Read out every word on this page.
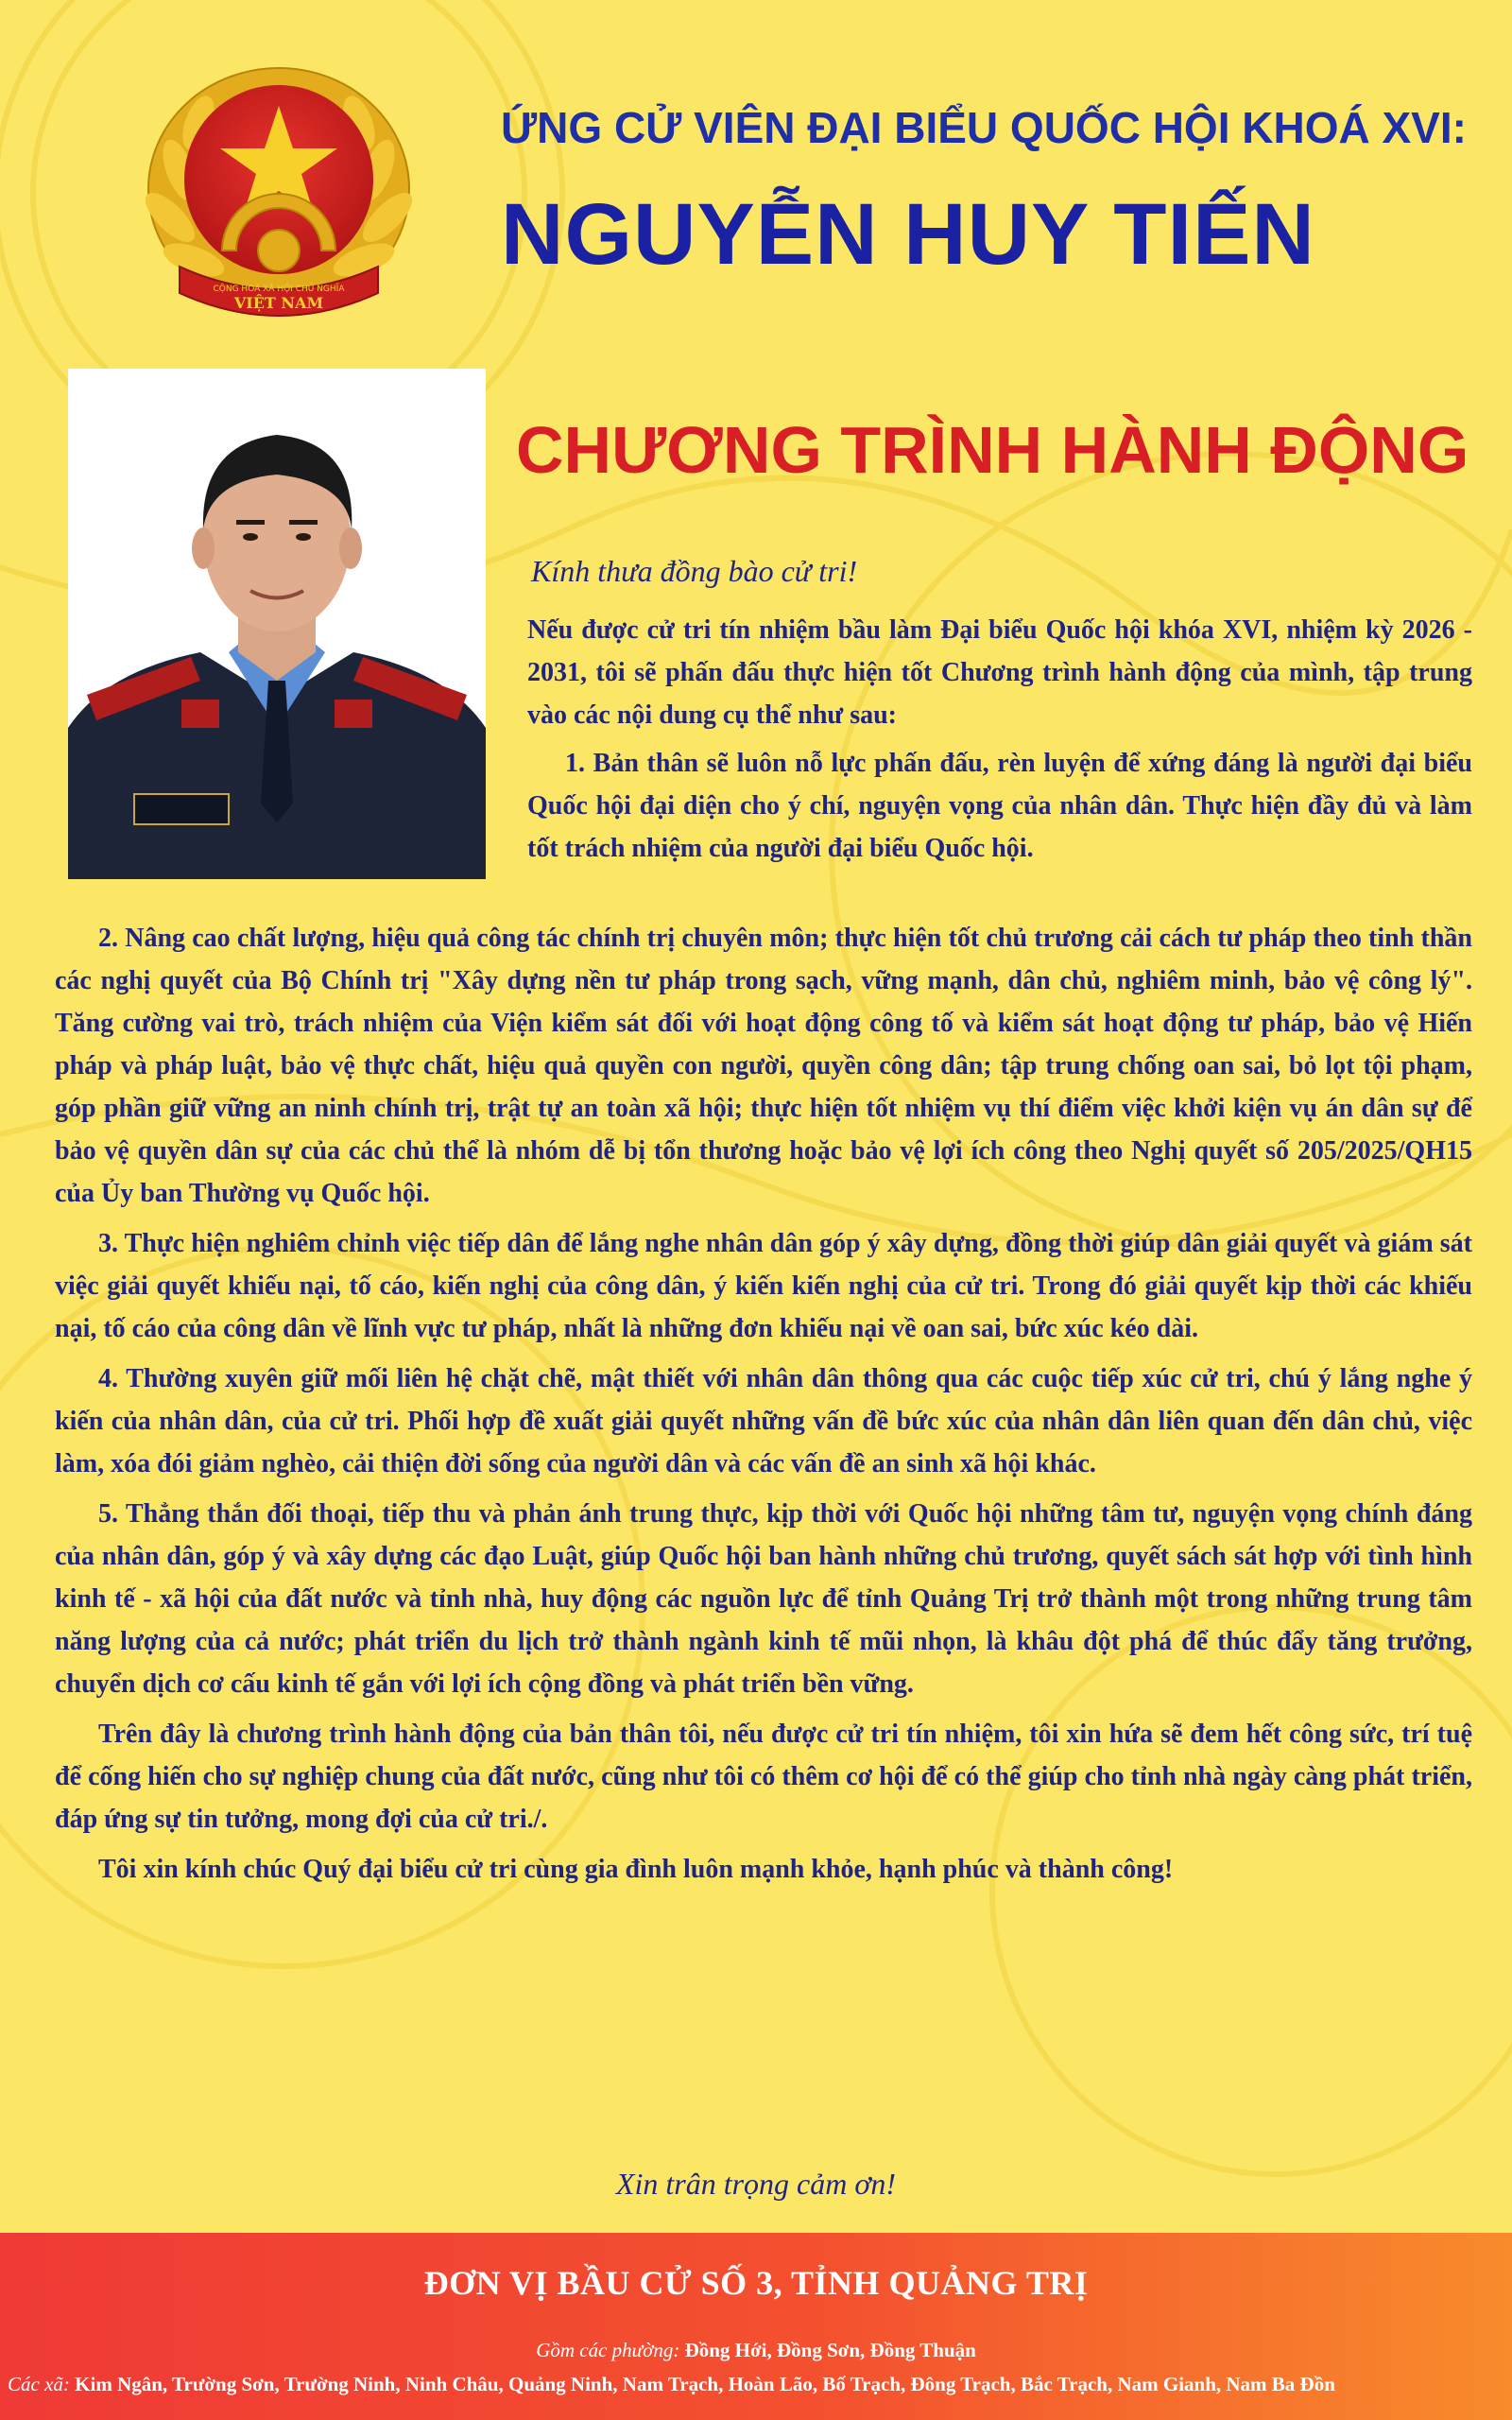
CỘNG HOÀ XÃ HỘI CHỦ NGHĨA
VIỆT NAM
ỨNG CỬ VIÊN ĐẠI BIỂU QUỐC HỘI KHOÁ XVI:
NGUYỄN HUY TIẾN
CHƯƠNG TRÌNH HÀNH ĐỘNG
Kính thưa đồng bào cử tri!

Nếu được cử tri tín nhiệm bầu làm Đại biểu Quốc hội khóa XVI, nhiệm kỳ 2026 - 2031, tôi sẽ phấn đấu thực hiện tốt Chương trình hành động của mình, tập trung vào các nội dung cụ thể như sau:

1. Bản thân sẽ luôn nỗ lực phấn đấu, rèn luyện để xứng đáng là người đại biểu Quốc hội đại diện cho ý chí, nguyện vọng của nhân dân. Thực hiện đầy đủ và làm tốt trách nhiệm của người đại biểu Quốc hội.

2. Nâng cao chất lượng, hiệu quả công tác chính trị chuyên môn; thực hiện tốt chủ trương cải cách tư pháp theo tinh thần các nghị quyết của Bộ Chính trị "Xây dựng nền tư pháp trong sạch, vững mạnh, dân chủ, nghiêm minh, bảo vệ công lý". Tăng cường vai trò, trách nhiệm của Viện kiểm sát đối với hoạt động công tố và kiểm sát hoạt động tư pháp, bảo vệ Hiến pháp và pháp luật, bảo vệ thực chất, hiệu quả quyền con người, quyền công dân; tập trung chống oan sai, bỏ lọt tội phạm, góp phần giữ vững an ninh chính trị, trật tự an toàn xã hội; thực hiện tốt nhiệm vụ thí điểm việc khởi kiện vụ án dân sự để bảo vệ quyền dân sự của các chủ thể là nhóm dễ bị tổn thương hoặc bảo vệ lợi ích công theo Nghị quyết số 205/2025/QH15 của Ủy ban Thường vụ Quốc hội.

3. Thực hiện nghiêm chỉnh việc tiếp dân để lắng nghe nhân dân góp ý xây dựng, đồng thời giúp dân giải quyết và giám sát việc giải quyết khiếu nại, tố cáo, kiến nghị của công dân, ý kiến kiến nghị của cử tri. Trong đó giải quyết kịp thời các khiếu nại, tố cáo của công dân về lĩnh vực tư pháp, nhất là những đơn khiếu nại về oan sai, bức xúc kéo dài.

4. Thường xuyên giữ mối liên hệ chặt chẽ, mật thiết với nhân dân thông qua các cuộc tiếp xúc cử tri, chú ý lắng nghe ý kiến của nhân dân, của cử tri. Phối hợp đề xuất giải quyết những vấn đề bức xúc của nhân dân liên quan đến dân chủ, việc làm, xóa đói giảm nghèo, cải thiện đời sống của người dân và các vấn đề an sinh xã hội khác.

5. Thẳng thắn đối thoại, tiếp thu và phản ánh trung thực, kịp thời với Quốc hội những tâm tư, nguyện vọng chính đáng của nhân dân, góp ý và xây dựng các đạo Luật, giúp Quốc hội ban hành những chủ trương, quyết sách sát hợp với tình hình kinh tế - xã hội của đất nước và tỉnh nhà, huy động các nguồn lực để tỉnh Quảng Trị trở thành một trong những trung tâm năng lượng của cả nước; phát triển du lịch trở thành ngành kinh tế mũi nhọn, là khâu đột phá để thúc đẩy tăng trưởng, chuyển dịch cơ cấu kinh tế gắn với lợi ích cộng đồng và phát triển bền vững.

Trên đây là chương trình hành động của bản thân tôi, nếu được cử tri tín nhiệm, tôi xin hứa sẽ đem hết công sức, trí tuệ để cống hiến cho sự nghiệp chung của đất nước, cũng như tôi có thêm cơ hội để có thể giúp cho tỉnh nhà ngày càng phát triển, đáp ứng sự tin tưởng, mong đợi của cử tri./.

Tôi xin kính chúc Quý đại biểu cử tri cùng gia đình luôn mạnh khỏe, hạnh phúc và thành công!

Xin trân trọng cảm ơn!
ĐƠN VỊ BẦU CỬ SỐ 3, TỈNH QUẢNG TRỊ
Gồm các phường: Đồng Hới, Đồng Sơn, Đồng Thuận
Các xã: Kim Ngân, Trường Sơn, Trường Ninh, Ninh Châu, Quảng Ninh, Nam Trạch, Hoàn Lão, Bố Trạch, Đông Trạch, Bắc Trạch, Nam Gianh, Nam Ba Đồn
